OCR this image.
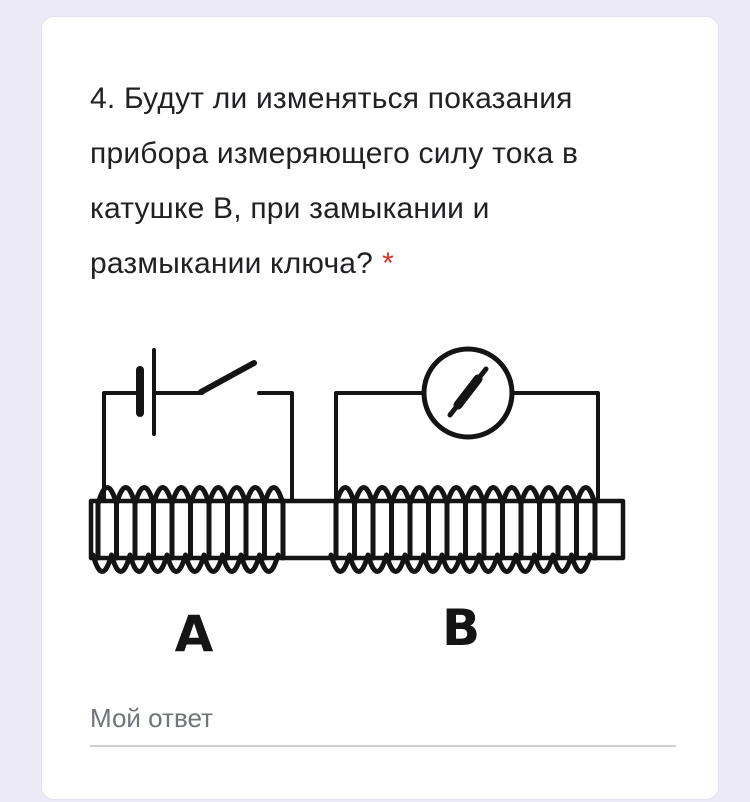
4. Будут ли изменяться показания
прибора измеряющего силу тока в
катушке В, при замыкании и
размыкании ключа? *
A	B
Мой ответ
